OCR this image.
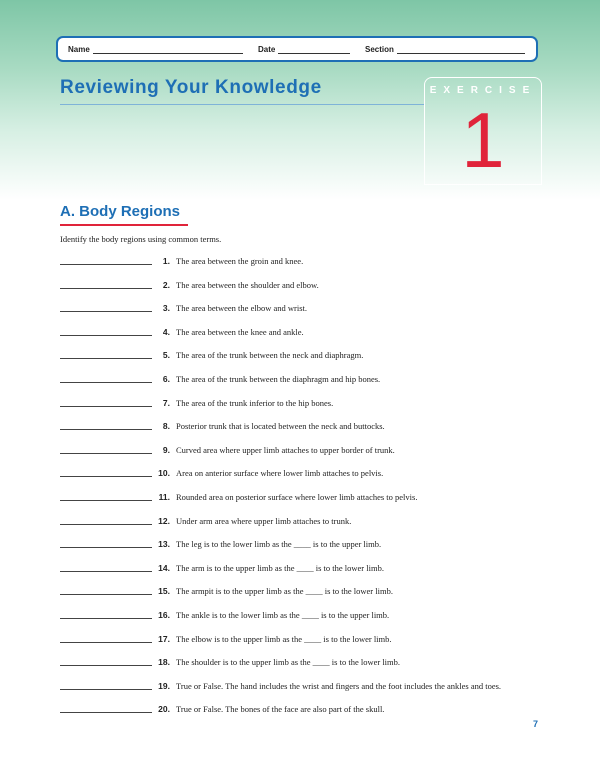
Name	Date	Section
Reviewing Your Knowledge	EXERCISE
1
A. Body Regions
Identify the body regions using common terms.
1. The area between the groin and knee.
2. The area between the shoulder and elbow.
3. The area between the elbow and wrist.
4. The area between the knee and ankle.
5. The area of the trunk between the neck and diaphragm.
6. The area of the trunk between the diaphragm and hip bones.
7. The area of the trunk inferior to the hip bones.
8. Posterior trunk that is located between the neck and buttocks.
9. Curved area where upper limb attaches to upper border of trunk.
10. Area on anterior surface where lower limb attaches to pelvis.
11. Rounded area on posterior surface where lower limb attaches to pelvis.
12. Under arm area where upper limb attaches to trunk.
13. The leg is to the lower limb as the ____ is to the upper limb.
14. The arm is to the upper limb as the ____ is to the lower limb.
15. The armpit is to the upper limb as the ____ is to the lower limb.
16. The ankle is to the lower limb as the ____ is to the upper limb.
17. The elbow is to the upper limb as the ____ is to the lower limb.
18. The shoulder is to the upper limb as the ____ is to the lower limb.
19. True or False. The hand includes the wrist and fingers and the foot includes the ankles and toes.
20. True or False. The bones of the face are also part of the skull.
7
